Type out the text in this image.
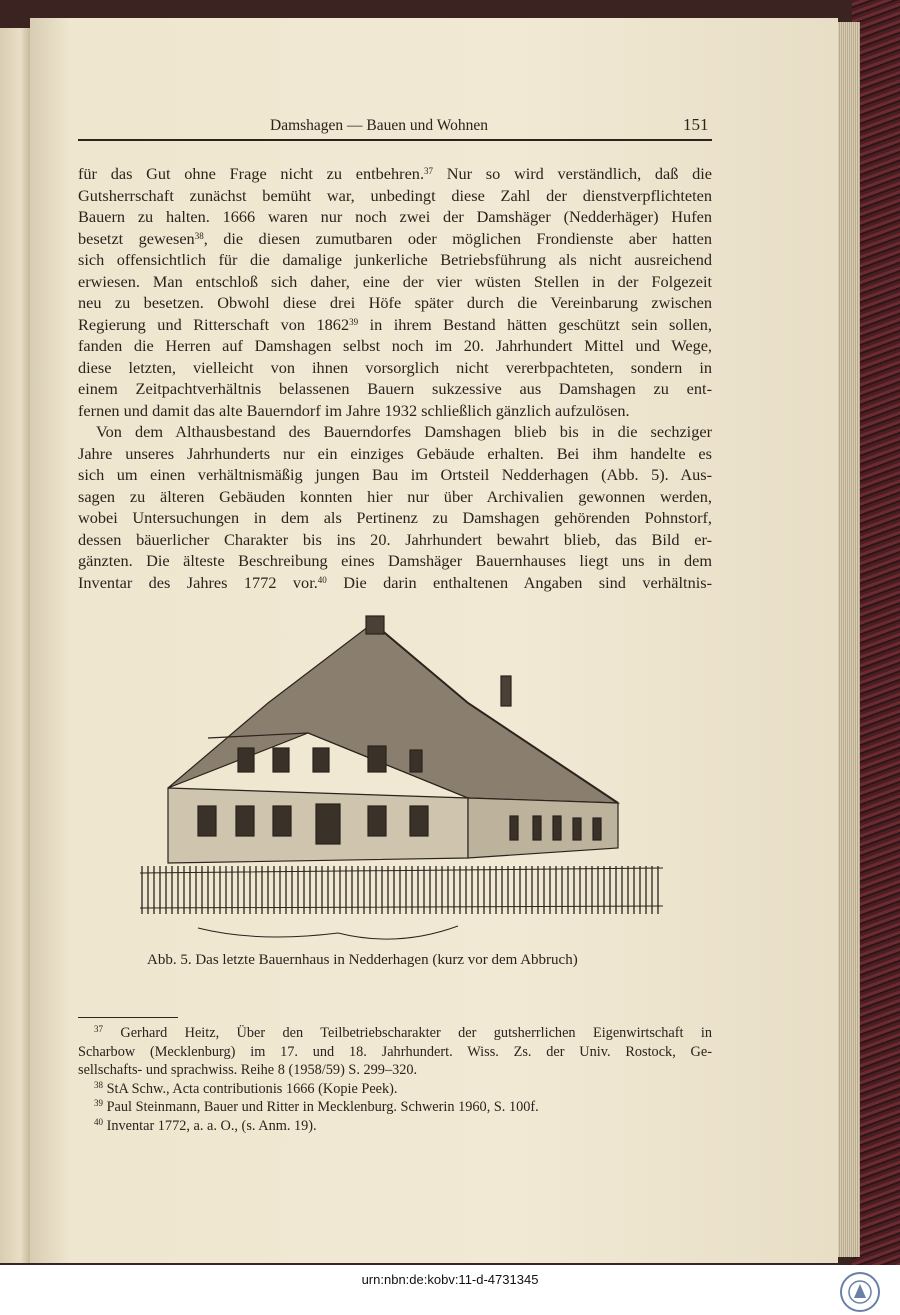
Damshagen — Bauen und Wohnen	151
für das Gut ohne Frage nicht zu entbehren.$^{37}$ Nur so wird verständlich, daß die
Gutsherrschaft zunächst bemüht war, unbedingt diese Zahl der dienstverpflichteten
Bauern zu halten. 1666 waren nur noch zwei der Damshäger (Nedderhäger) Hufen
besetzt gewesen$^{38}$, die diesen zumutbaren oder möglichen Frondienste aber hatten
sich offensichtlich für die damalige junkerliche Betriebsführung als nicht ausreichend
erwiesen. Man entschloß sich daher, eine der vier wüsten Stellen in der Folgezeit
neu zu besetzen. Obwohl diese drei Höfe später durch die Vereinbarung zwischen
Regierung und Ritterschaft von 1862$^{39}$ in ihrem Bestand hätten geschützt sein sollen,
fanden die Herren auf Damshagen selbst noch im 20. Jahrhundert Mittel und Wege,
diese letzten, vielleicht von ihnen vorsorglich nicht vererbpachteten, sondern in
einem Zeitpachtverhältnis belassenen Bauern sukzessive aus Damshagen zu ent-
fernen und damit das alte Bauerndorf im Jahre 1932 schließlich gänzlich aufzulösen.
Von dem Althausbestand des Bauerndorfes Damshagen blieb bis in die sechziger
Jahre unseres Jahrhunderts nur ein einziges Gebäude erhalten. Bei ihm handelte es
sich um einen verhältnismäßig jungen Bau im Ortsteil Nedderhagen (Abb. 5). Aus-
sagen zu älteren Gebäuden konnten hier nur über Archivalien gewonnen werden,
wobei Untersuchungen in dem als Pertinenz zu Damshagen gehörenden Pohnstorf,
dessen bäuerlicher Charakter bis ins 20. Jahrhundert bewahrt blieb, das Bild er-
gänzten. Die älteste Beschreibung eines Damshäger Bauernhauses liegt uns in dem
Inventar des Jahres 1772 vor.$^{40}$ Die darin enthaltenen Angaben sind verhältnis-
Abb. 5. Das letzte Bauernhaus in Nedderhagen (kurz vor dem Abbruch)
$^{37}$ Gerhard Heitz, Über den Teilbetriebscharakter der gutsherrlichen Eigenwirtschaft in
Scharbow (Mecklenburg) im 17. und 18. Jahrhundert. Wiss. Zs. der Univ. Rostock, Ge-
sellschafts- und sprachwiss. Reihe 8 (1958/59) S. 299–320.
$^{38}$ StA Schw., Acta contributionis 1666 (Kopie Peek).
$^{39}$ Paul Steinmann, Bauer und Ritter in Mecklenburg. Schwerin 1960, S. 100f.
$^{40}$ Inventar 1772, a. a. O., (s. Anm. 19).
urn:nbn:de:kobv:11-d-4731345
